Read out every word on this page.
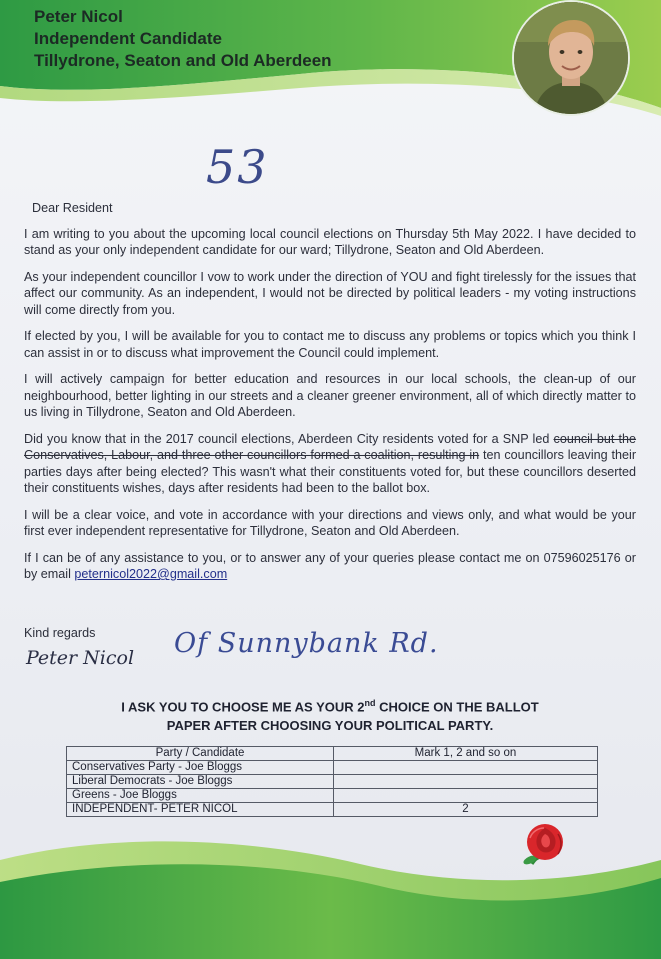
Peter Nicol
Independent Candidate
Tillydrone, Seaton and Old Aberdeen
53

Dear Resident

I am writing to you about the upcoming local council elections on Thursday 5th May 2022. I have decided to stand as your only independent candidate for our ward; Tillydrone, Seaton and Old Aberdeen.

As your independent councillor I vow to work under the direction of YOU and fight tirelessly for the issues that affect our community. As an independent, I would not be directed by political leaders - my voting instructions will come directly from you.

If elected by you, I will be available for you to contact me to discuss any problems or topics which you think I can assist in or to discuss what improvement the Council could implement.

I will actively campaign for better education and resources in our local schools, the clean-up of our neighbourhood, better lighting in our streets and a cleaner greener environment, all of which directly matter to us living in Tillydrone, Seaton and Old Aberdeen.

Did you know that in the 2017 council elections, Aberdeen City residents voted for a SNP led council but the Conservatives, Labour, and three other councillors formed a coalition, resulting in ten councillors leaving their parties days after being elected? This wasn't what their constituents voted for, but these councillors deserted their constituents wishes, days after residents had been to the ballot box.

I will be a clear voice, and vote in accordance with your directions and views only, and what would be your first ever independent representative for Tillydrone, Seaton and Old Aberdeen.

If I can be of any assistance to you, or to answer any of your queries please contact me on 07596025176 or by email peternicol2022@gmail.com

Kind regards
Peter Nicol Of Sunnybank Rd.
I ASK YOU TO CHOOSE ME AS YOUR 2nd CHOICE ON THE BALLOT
PAPER AFTER CHOOSING YOUR POLITICAL PARTY.
Party / Candidate	Mark 1, 2 and so on
Conservatives Party - Joe Bloggs	
Liberal Democrats - Joe Bloggs	
Greens - Joe Bloggs	
INDEPENDENT- PETER NICOL	2
